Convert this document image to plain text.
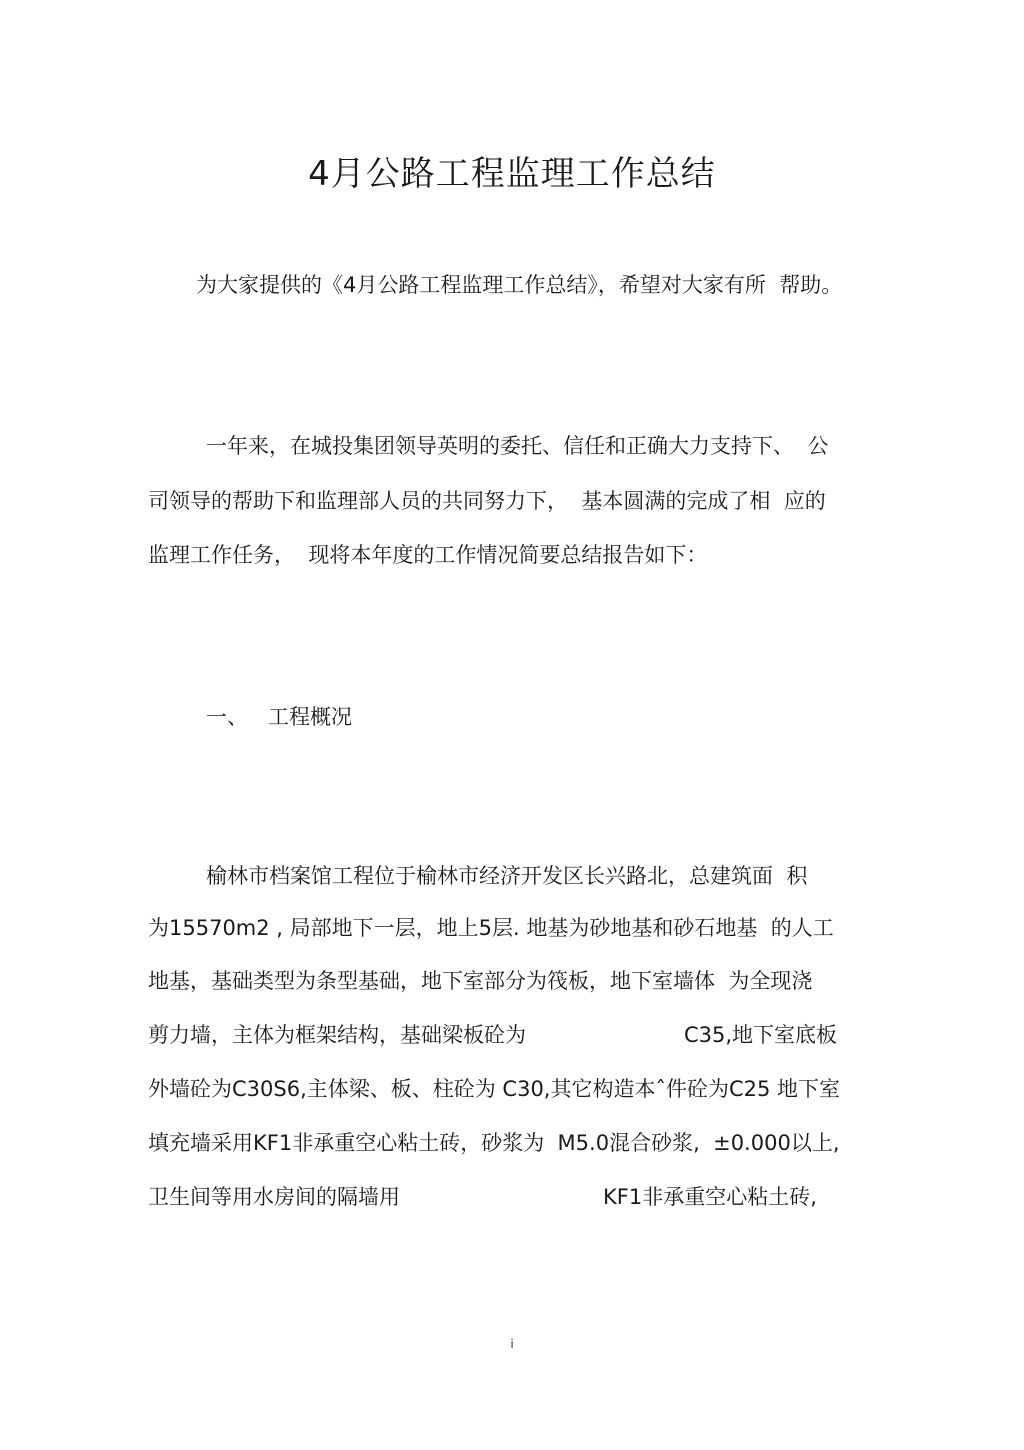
4月公路工程监理工作总结
为大家提供的《4月公路工程监理工作总结》，希望对大家有所  帮助。
一年来，在城投集团领导英明的委托、信任和正确大力支持下、  公
司领导的帮助下和监理部人员的共同努力下，  基本圆满的完成了相  应的
监理工作任务，  现将本年度的工作情况简要总结报告如下：
一、   工程概况
榆林市档案馆工程位于榆林市经济开发区长兴路北，总建筑面  积
为15570m2 , 局部地下一层，地上5层. 地基为砂地基和砂石地基  的人工
地基，基础类型为条型基础，地下室部分为筏板，地下室墙体  为全现浇
剪力墙，主体为框架结构，基础梁板砼为	C35,地下室底板
外墙砼为C30S6,主体梁、板、柱砼为 C30,其它构造本ˆ件砼为C25 地下室
填充墙采用KF1非承重空心粘土砖，砂浆为  M5.0混合砂浆,  ±0.000以上,
卫生间等用水房间的隔墙用	KF1非承重空心粘土砖,
i
